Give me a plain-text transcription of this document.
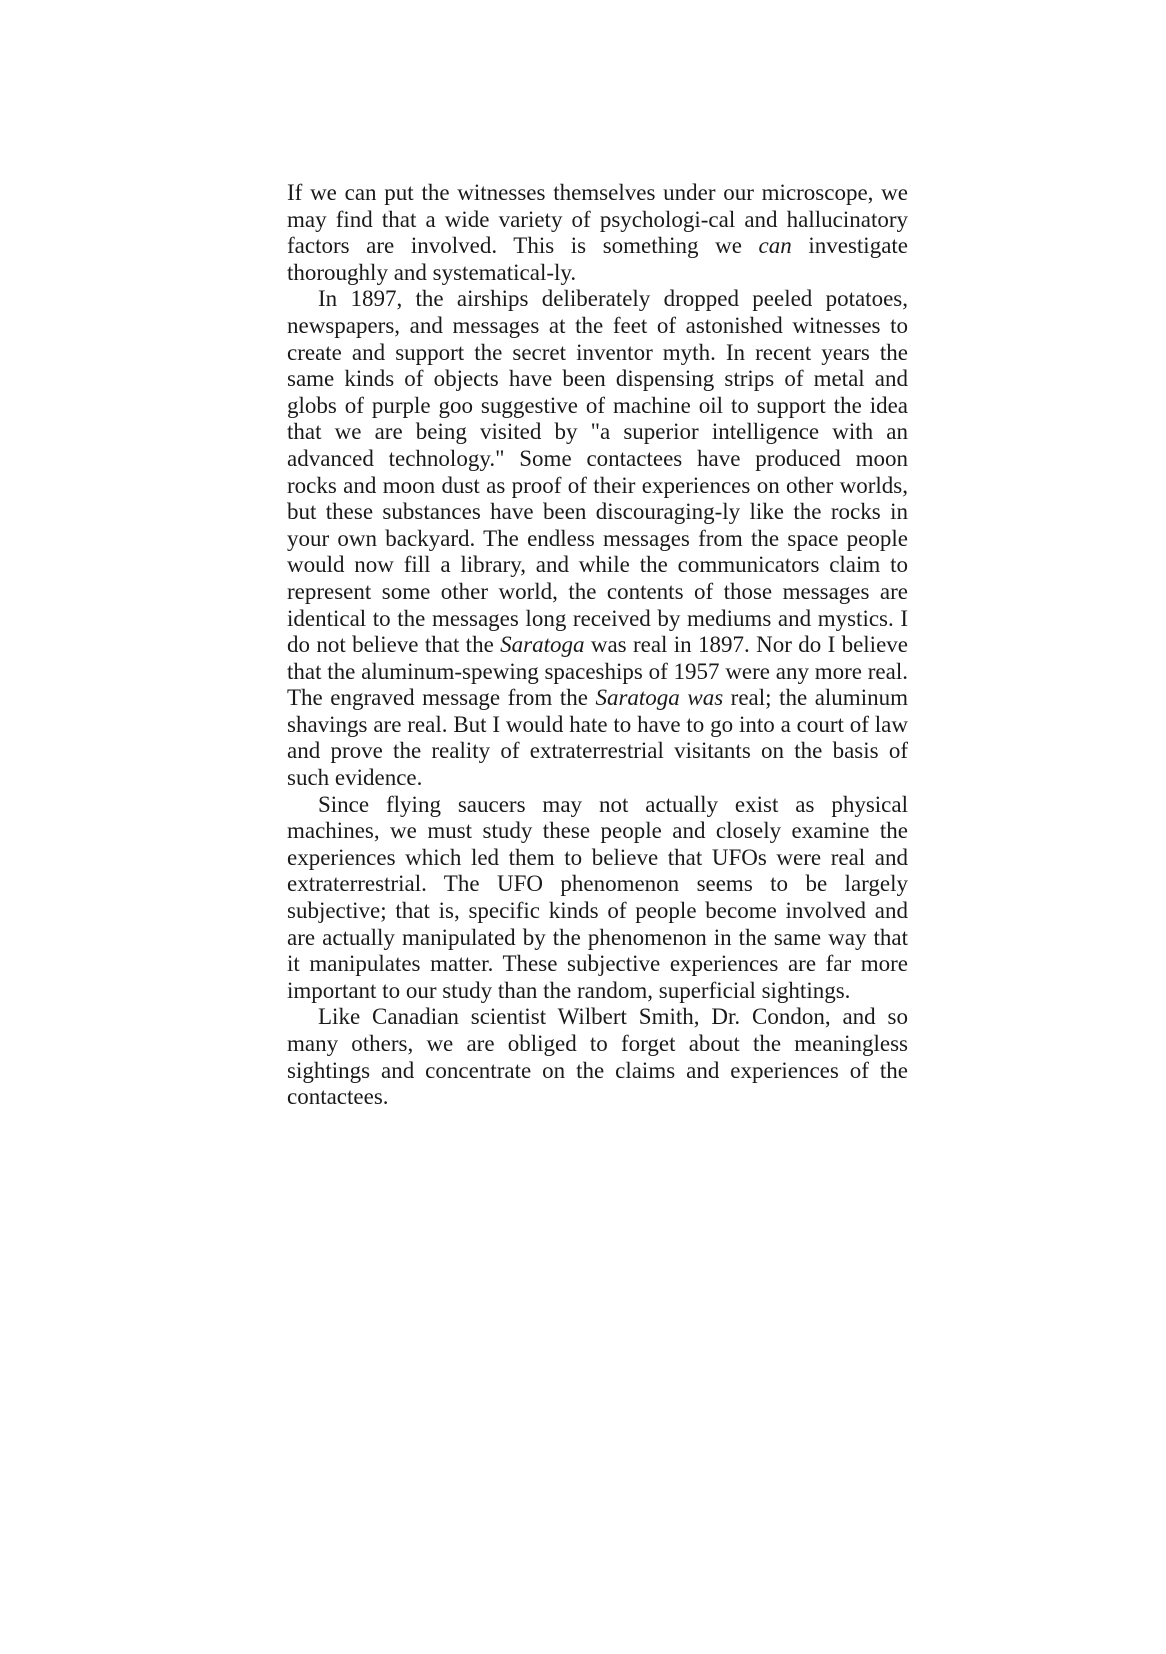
If we can put the witnesses themselves under our microscope, we may find that a wide variety of psychologi-cal and hallucinatory factors are involved. This is something we can investigate thoroughly and systematical-ly.

In 1897, the airships deliberately dropped peeled potatoes, newspapers, and messages at the feet of astonished witnesses to create and support the secret inventor myth. In recent years the same kinds of objects have been dispensing strips of metal and globs of purple goo suggestive of machine oil to support the idea that we are being visited by "a superior intelligence with an advanced technology." Some contactees have produced moon rocks and moon dust as proof of their experiences on other worlds, but these substances have been discouraging-ly like the rocks in your own backyard. The endless messages from the space people would now fill a library, and while the communicators claim to represent some other world, the contents of those messages are identical to the messages long received by mediums and mystics. I do not believe that the Saratoga was real in 1897. Nor do I believe that the aluminum-spewing spaceships of 1957 were any more real. The engraved message from the Saratoga was real; the aluminum shavings are real. But I would hate to have to go into a court of law and prove the reality of extraterrestrial visitants on the basis of such evidence.

Since flying saucers may not actually exist as physical machines, we must study these people and closely examine the experiences which led them to believe that UFOs were real and extraterrestrial. The UFO phenomenon seems to be largely subjective; that is, specific kinds of people become involved and are actually manipulated by the phenomenon in the same way that it manipulates matter. These subjective experiences are far more important to our study than the random, superficial sightings.

Like Canadian scientist Wilbert Smith, Dr. Condon, and so many others, we are obliged to forget about the meaningless sightings and concentrate on the claims and experiences of the contactees.
